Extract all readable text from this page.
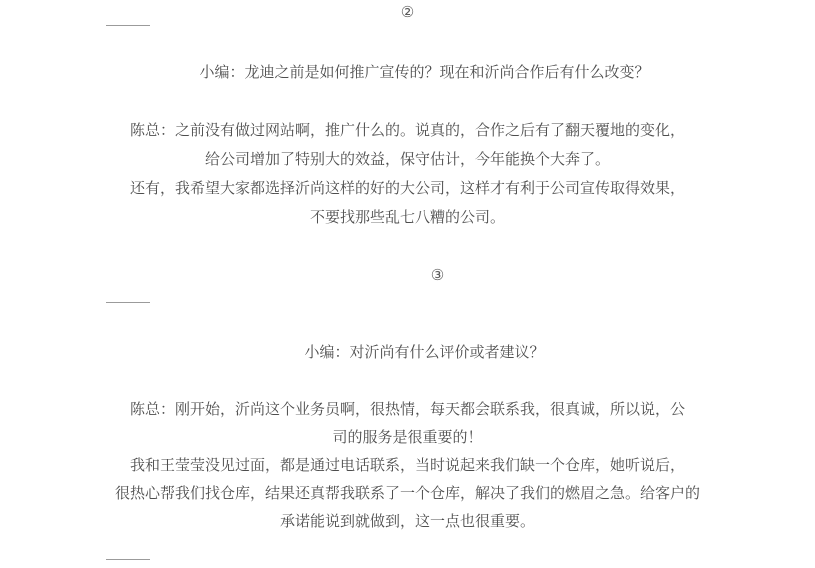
②

小编：龙迪之前是如何推广宣传的？现在和沂尚合作后有什么改变？

陈总：之前没有做过网站啊，推广什么的。说真的，合作之后有了翻天覆地的变化，

给公司增加了特别大的效益，保守估计，今年能换个大奔了。

还有，我希望大家都选择沂尚这样的好的大公司，这样才有利于公司宣传取得效果，

不要找那些乱七八糟的公司。

③

小编：对沂尚有什么评价或者建议？

陈总：刚开始，沂尚这个业务员啊，很热情，每天都会联系我，很真诚，所以说，公

司的服务是很重要的！

我和王莹莹没见过面，都是通过电话联系，当时说起来我们缺一个仓库，她听说后，

很热心帮我们找仓库，结果还真帮我联系了一个仓库，解决了我们的燃眉之急。给客户的

承诺能说到就做到，这一点也很重要。
